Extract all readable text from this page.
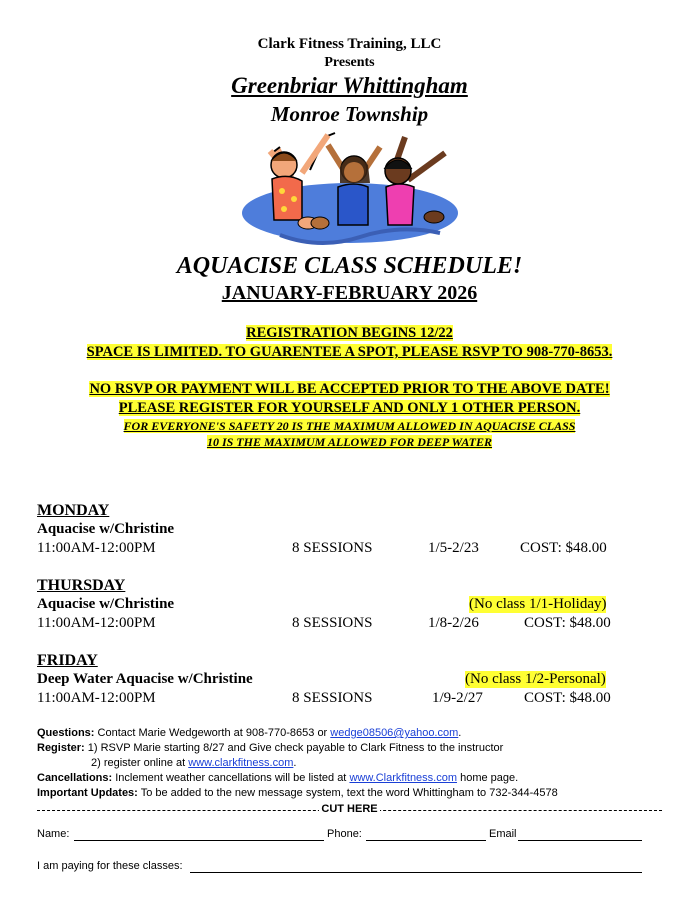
Clark Fitness Training, LLC
Presents
Greenbriar Whittingham
Monroe Township
AQUACISE CLASS SCHEDULE!
JANUARY-FEBRUARY 2026
REGISTRATION BEGINS 12/22
SPACE IS LIMITED. TO GUARENTEE A SPOT, PLEASE RSVP TO 908-770-8653.
NO RSVP OR PAYMENT WILL BE ACCEPTED PRIOR TO THE ABOVE DATE!
PLEASE REGISTER FOR YOURSELF AND ONLY 1 OTHER PERSON.
FOR EVERYONE'S SAFETY 20 IS THE MAXIMUM ALLOWED IN AQUACISE CLASS
10 IS THE MAXIMUM ALLOWED FOR DEEP WATER
MONDAY
Aquacise w/Christine
11:00AM-12:00PM	8 SESSIONS	1/5-2/23	COST: $48.00
THURSDAY
Aquacise w/Christine	(No class 1/1-Holiday)
11:00AM-12:00PM	8 SESSIONS	1/8-2/26	COST: $48.00
FRIDAY
Deep Water Aquacise w/Christine	(No class 1/2-Personal)
11:00AM-12:00PM	8 SESSIONS	1/9-2/27	COST: $48.00
Questions: Contact Marie Wedgeworth at 908-770-8653 or wedge08506@yahoo.com.
Register: 1) RSVP Marie starting 8/27 and Give check payable to Clark Fitness to the instructor
2) register online at www.clarkfitness.com.
Cancellations: Inclement weather cancellations will be listed at www.Clarkfitness.com home page.
Important Updates: To be added to the new message system, text the word Whittingham to 732-344-4578
CUT HERE
Name:	Phone:	Email
I am paying for these classes:
